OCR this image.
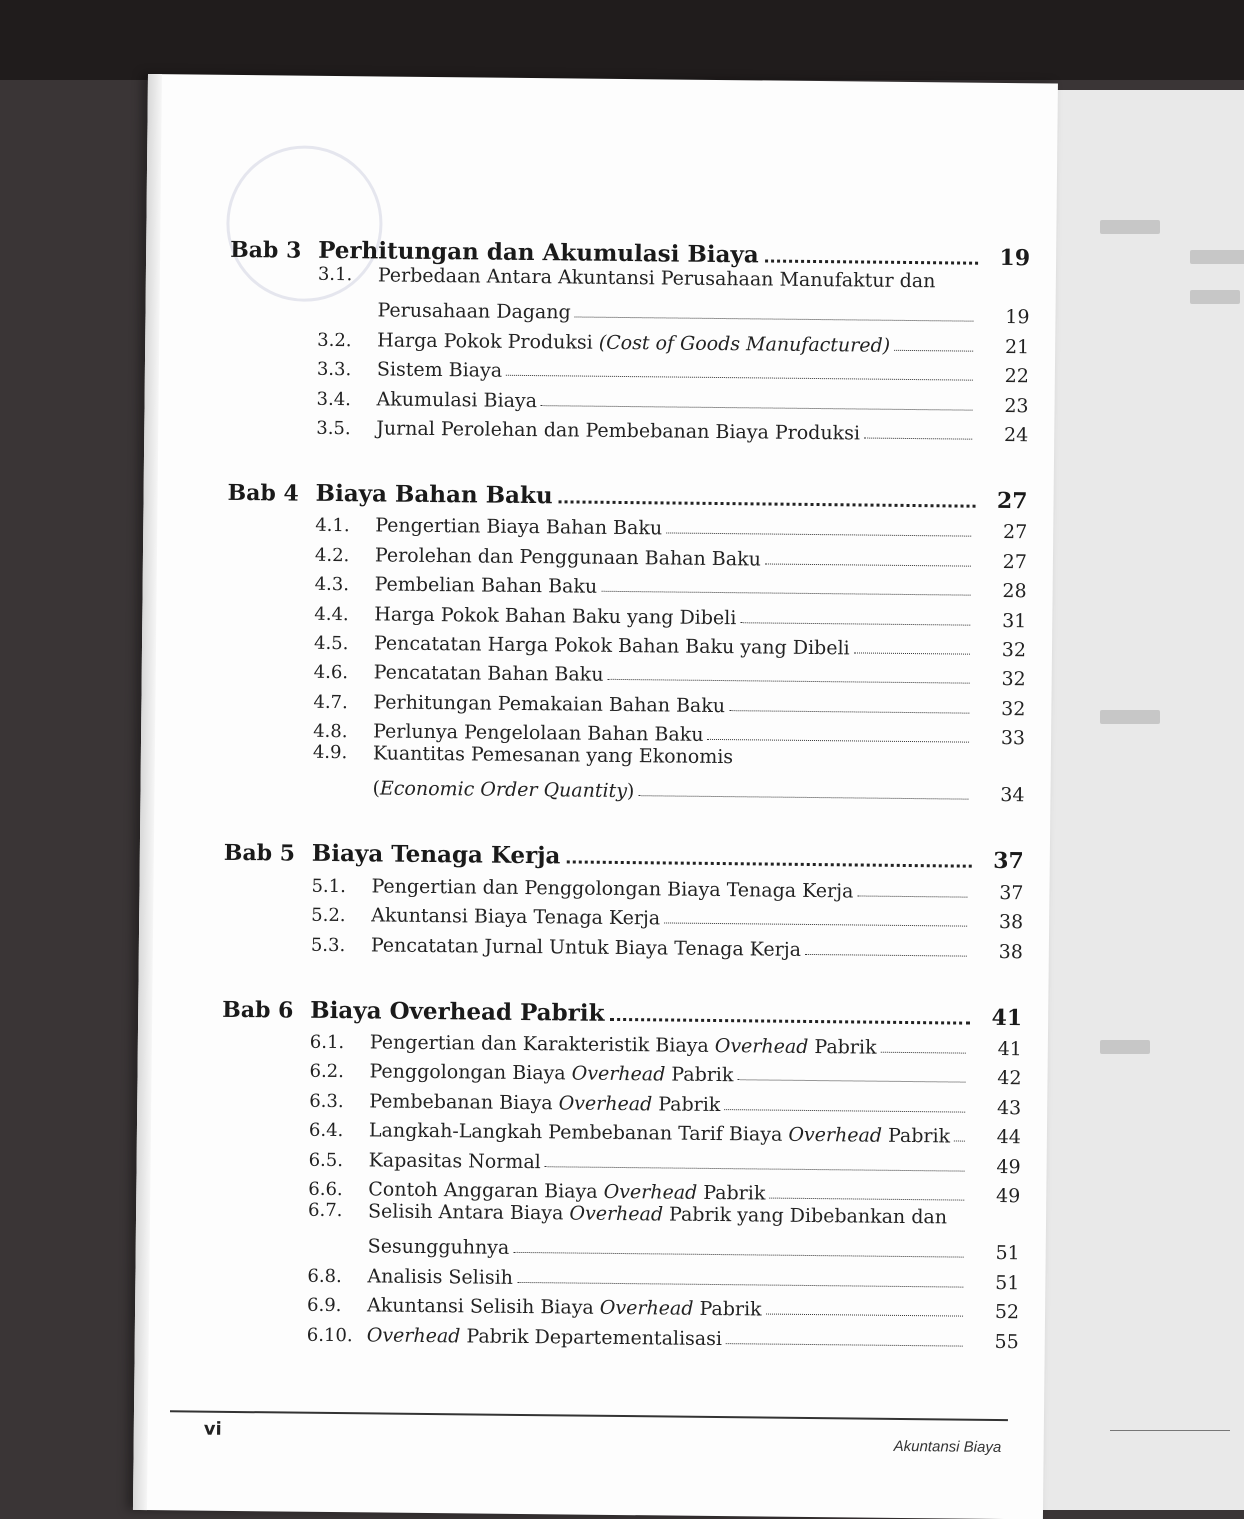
Bab 3 Perhitungan dan Akumulasi Biaya	19
3.1.	Perbedaan Antara Akuntansi Perusahaan Manufaktur dan
Perusahaan Dagang	19
3.2.	Harga Pokok Produksi (Cost of Goods Manufactured)	21
3.3.	Sistem Biaya	22
3.4.	Akumulasi Biaya	23
3.5.	Jurnal Perolehan dan Pembebanan Biaya Produksi	24
Bab 4 Biaya Bahan Baku	27
4.1.	Pengertian Biaya Bahan Baku	27
4.2.	Perolehan dan Penggunaan Bahan Baku	27
4.3.	Pembelian Bahan Baku	28
4.4.	Harga Pokok Bahan Baku yang Dibeli	31
4.5.	Pencatatan Harga Pokok Bahan Baku yang Dibeli	32
4.6.	Pencatatan Bahan Baku	32
4.7.	Perhitungan Pemakaian Bahan Baku	32
4.8.	Perlunya Pengelolaan Bahan Baku	33
4.9.	Kuantitas Pemesanan yang Ekonomis
(Economic Order Quantity)	34
Bab 5 Biaya Tenaga Kerja	37
5.1.	Pengertian dan Penggolongan Biaya Tenaga Kerja	37
5.2.	Akuntansi Biaya Tenaga Kerja	38
5.3.	Pencatatan Jurnal Untuk Biaya Tenaga Kerja	38
Bab 6 Biaya Overhead Pabrik	41
6.1.	Pengertian dan Karakteristik Biaya Overhead Pabrik	41
6.2.	Penggolongan Biaya Overhead Pabrik	42
6.3.	Pembebanan Biaya Overhead Pabrik	43
6.4.	Langkah-Langkah Pembebanan Tarif Biaya Overhead Pabrik	44
6.5.	Kapasitas Normal	49
6.6.	Contoh Anggaran Biaya Overhead Pabrik	49
6.7.	Selisih Antara Biaya Overhead Pabrik yang Dibebankan dan
Sesungguhnya	51
6.8.	Analisis Selisih	51
6.9.	Akuntansi Selisih Biaya Overhead Pabrik	52
6.10. Overhead Pabrik Departementalisasi	55
vi
Akuntansi Biaya
